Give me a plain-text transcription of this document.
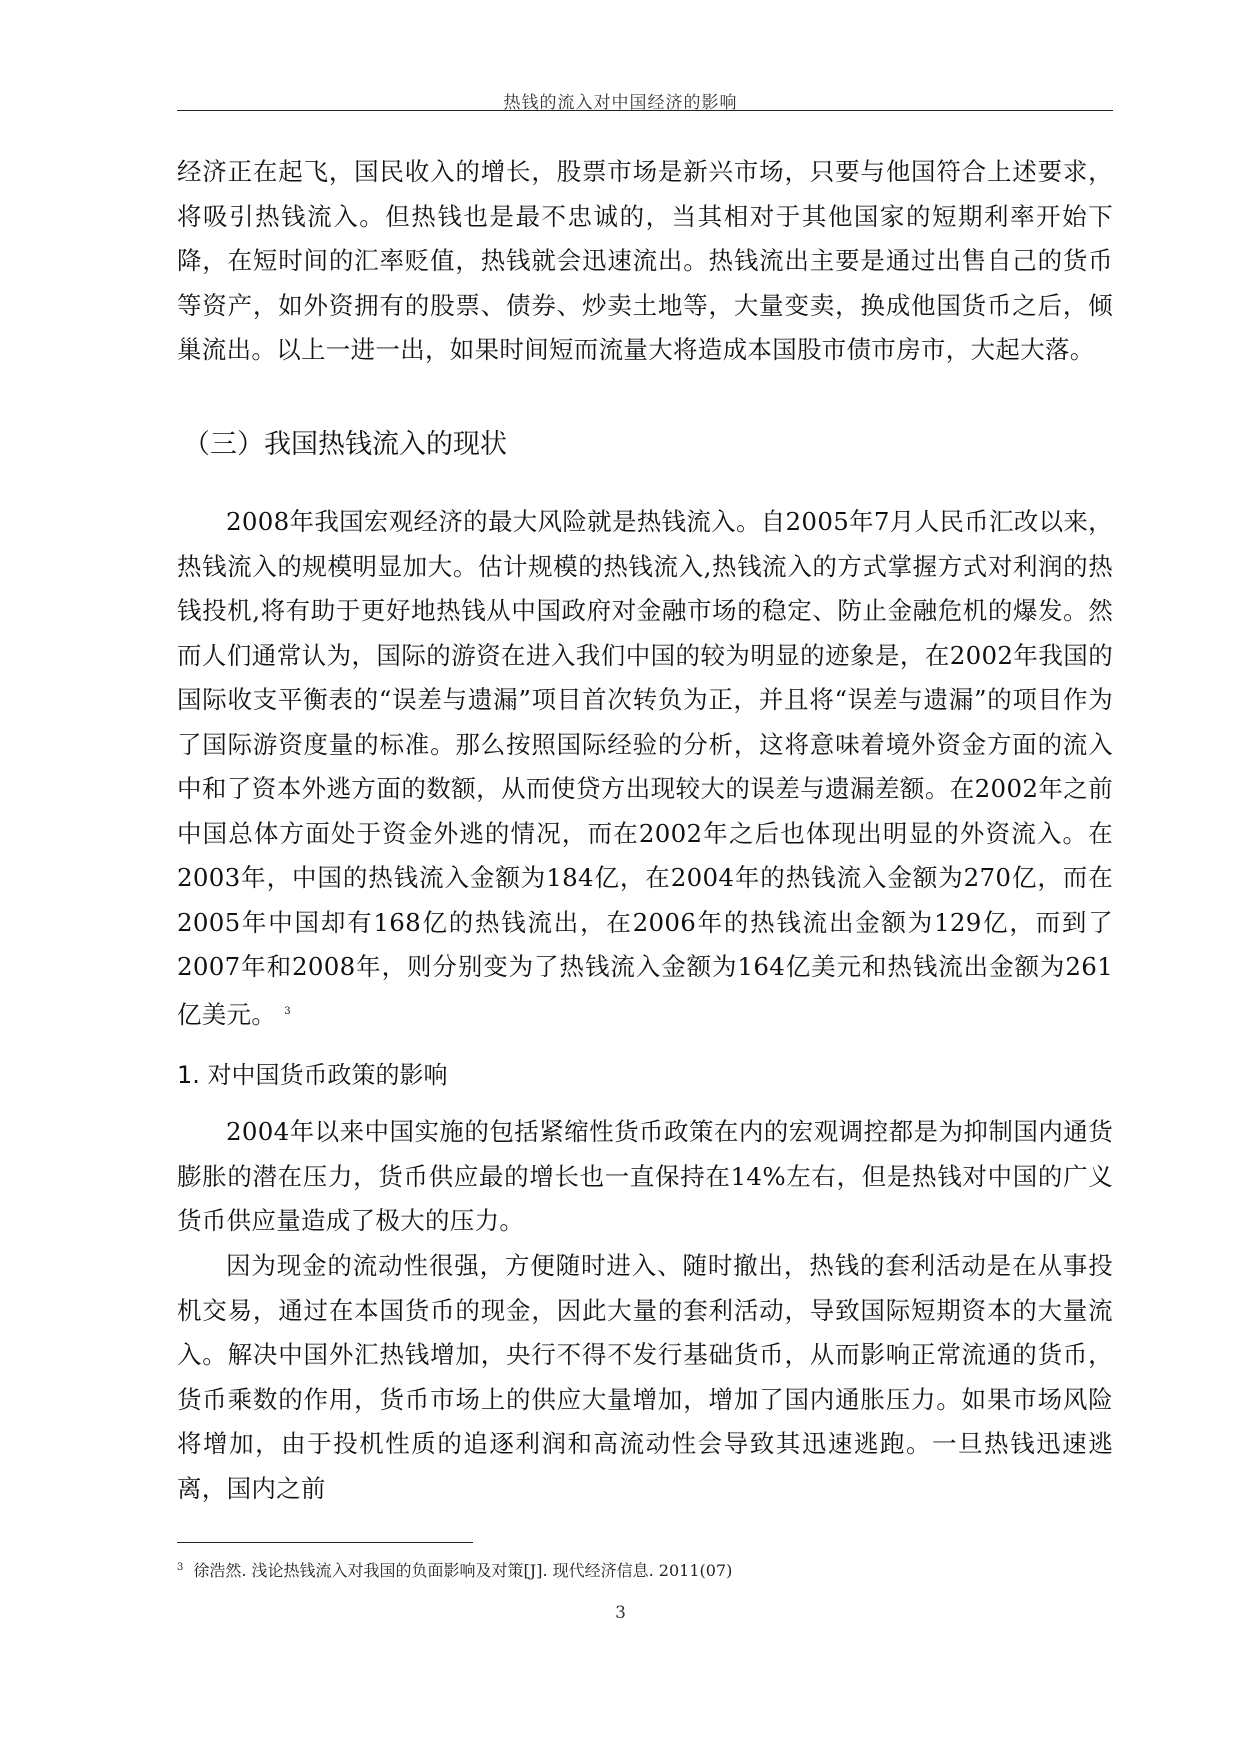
热钱的流入对中国经济的影响

经济正在起飞，国民收入的增长，股票市场是新兴市场，只要与他国符合上述要求，将吸引热钱流入。但热钱也是最不忠诚的，当其相对于其他国家的短期利率开始下降，在短时间的汇率贬值，热钱就会迅速流出。热钱流出主要是通过出售自己的货币等资产，如外资拥有的股票、债券、炒卖土地等，大量变卖，换成他国货币之后，倾巢流出。以上一进一出，如果时间短而流量大将造成本国股市债市房市，大起大落。

（三）我国热钱流入的现状

2008年我国宏观经济的最大风险就是热钱流入。自2005年7月人民币汇改以来，热钱流入的规模明显加大。估计规模的热钱流入,热钱流入的方式掌握方式对利润的热钱投机,将有助于更好地热钱从中国政府对金融市场的稳定、防止金融危机的爆发。然而人们通常认为，国际的游资在进入我们中国的较为明显的迹象是，在2002年我国的国际收支平衡表的“误差与遗漏”项目首次转负为正，并且将“误差与遗漏”的项目作为了国际游资度量的标准。那么按照国际经验的分析，这将意味着境外资金方面的流入中和了资本外逃方面的数额，从而使贷方出现较大的误差与遗漏差额。在2002年之前中国总体方面处于资金外逃的情况，而在2002年之后也体现出明显的外资流入。在2003年，中国的热钱流入金额为184亿，在2004年的热钱流入金额为270亿，而在2005年中国却有168亿的热钱流出，在2006年的热钱流出金额为129亿，而到了2007年和2008年，则分别变为了热钱流入金额为164亿美元和热钱流出金额为261亿美元。 $^3$

1. 对中国货币政策的影响

2004年以来中国实施的包括紧缩性货币政策在内的宏观调控都是为抑制国内通货膨胀的潜在压力，货币供应最的增长也一直保持在14%左右，但是热钱对中国的广义货币供应量造成了极大的压力。

因为现金的流动性很强，方便随时进入、随时撤出，热钱的套利活动是在从事投机交易，通过在本国货币的现金，因此大量的套利活动，导致国际短期资本的大量流入。解决中国外汇热钱增加，央行不得不发行基础货币，从而影响正常流通的货币，货币乘数的作用，货币市场上的供应大量增加，增加了国内通胀压力。如果市场风险将增加，由于投机性质的追逐利润和高流动性会导致其迅速逃跑。一旦热钱迅速逃离，国内之前

$^3$ 徐浩然. 浅论热钱流入对我国的负面影响及对策[J]. 现代经济信息. 2011(07)
3
